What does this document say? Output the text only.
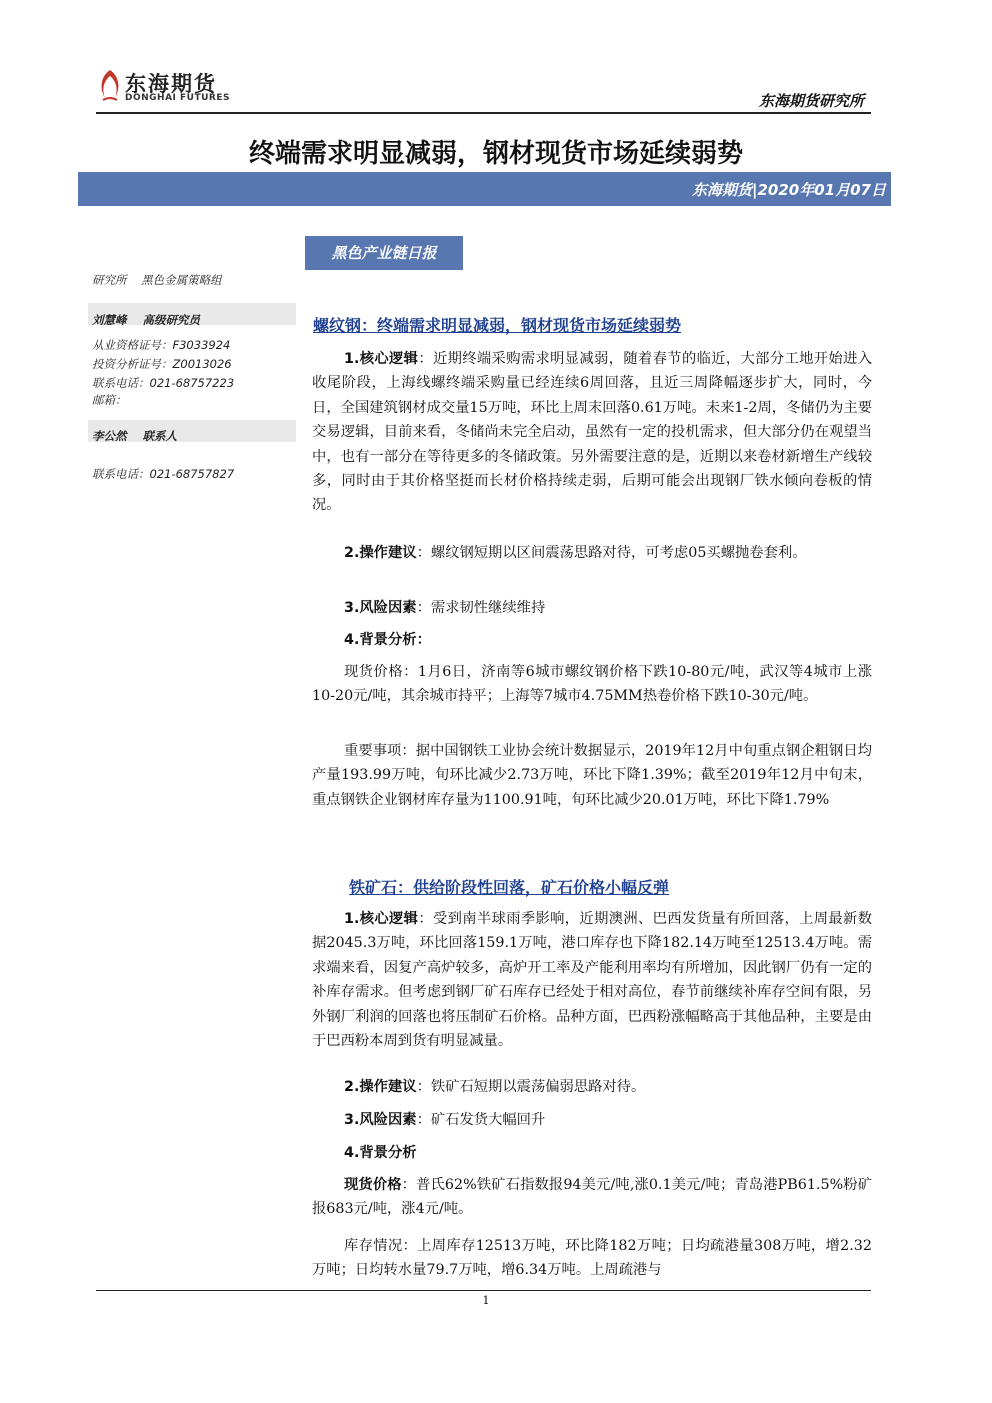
东海期货
DONGHAI FUTURES	东海期货研究所
终端需求明显减弱，钢材现货市场延续弱势
东海期货|2020年01月07日
黑色产业链日报
研究所    黑色金属策略组
刘慧峰    高级研究员
从业资格证号：F3033924
投资分析证号：Z0013026
联系电话：021-68757223
邮箱：
李公然    联系人
联系电话：021-68757827
螺纹钢：终端需求明显减弱，钢材现货市场延续弱势
1.核心逻辑：近期终端采购需求明显减弱，随着春节的临近，大部分工地开始进入收尾阶段，上海线螺终端采购量已经连续6周回落，且近三周降幅逐步扩大，同时，今日，全国建筑钢材成交量15万吨，环比上周末回落0.61万吨。未来1-2周，冬储仍为主要交易逻辑，目前来看，冬储尚未完全启动，虽然有一定的投机需求，但大部分仍在观望当中，也有一部分在等待更多的冬储政策。另外需要注意的是，近期以来卷材新增生产线较多，同时由于其价格坚挺而长材价格持续走弱，后期可能会出现钢厂铁水倾向卷板的情况。
2.操作建议：螺纹钢短期以区间震荡思路对待，可考虑05买螺抛卷套利。
3.风险因素：需求韧性继续维持
4.背景分析：
现货价格：1月6日，济南等6城市螺纹钢价格下跌10-80元/吨，武汉等4城市上涨10-20元/吨，其余城市持平；上海等7城市4.75MM热卷价格下跌10-30元/吨。
重要事项：据中国钢铁工业协会统计数据显示，2019年12月中旬重点钢企粗钢日均产量193.99万吨，旬环比减少2.73万吨，环比下降1.39%；截至2019年12月中旬末，重点钢铁企业钢材库存量为1100.91吨，旬环比减少20.01万吨，环比下降1.79%
铁矿石：供给阶段性回落，矿石价格小幅反弹
1.核心逻辑：受到南半球雨季影响，近期澳洲、巴西发货量有所回落，上周最新数据2045.3万吨，环比回落159.1万吨，港口库存也下降182.14万吨至12513.4万吨。需求端来看，因复产高炉较多，高炉开工率及产能利用率均有所增加，因此钢厂仍有一定的补库存需求。但考虑到钢厂矿石库存已经处于相对高位，春节前继续补库存空间有限，另外钢厂利润的回落也将压制矿石价格。品种方面，巴西粉涨幅略高于其他品种，主要是由于巴西粉本周到货有明显减量。
2.操作建议：铁矿石短期以震荡偏弱思路对待。
3.风险因素：矿石发货大幅回升
4.背景分析
现货价格：普氏62%铁矿石指数报94美元/吨,涨0.1美元/吨；青岛港PB61.5%粉矿报683元/吨，涨4元/吨。
库存情况：上周库存12513万吨，环比降182万吨；日均疏港量308万吨，增2.32万吨；日均转水量79.7万吨，增6.34万吨。上周疏港与
1
